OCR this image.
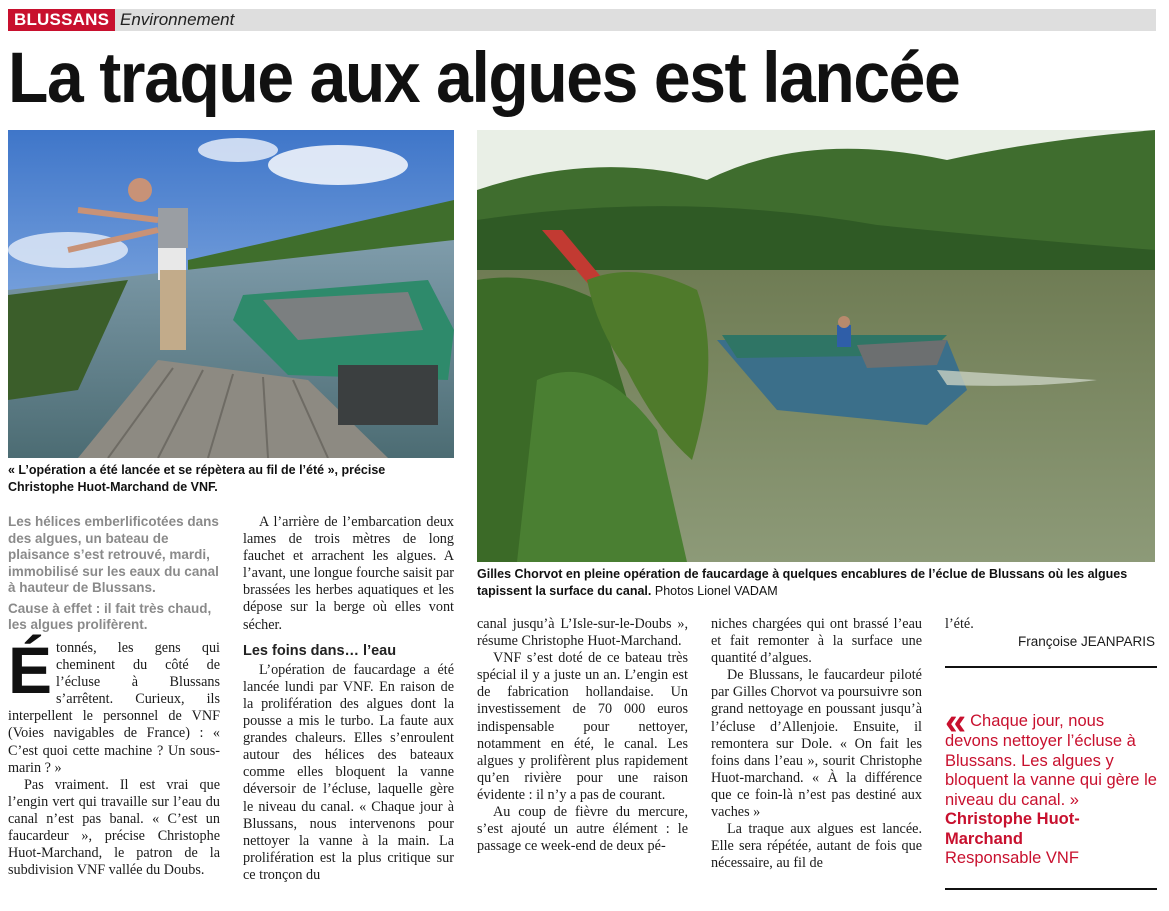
BLUSSANS Environnement
La traque aux algues est lancée
« L’opération a été lancée et se répètera au fil de l’été », précise Christophe Huot-Marchand de VNF.
Gilles Chorvot en pleine opération de faucardage à quelques encablures de l’éclue de Blussans où les algues tapissent la surface du canal. Photos Lionel VADAM

Les hélices emberlificotées dans des algues, un bateau de plaisance s’est retrouvé, mardi, immobilisé sur les eaux du canal à hauteur de Blussans.

Cause à effet : il fait très chaud, les algues prolifèrent.

Étonnés, les gens qui cheminent du côté de l’écluse à Blussans s’arrêtent. Curieux, ils interpellent le personnel de VNF (Voies navigables de France) : « C’est quoi cette machine ? Un sous-marin ? »

Pas vraiment. Il est vrai que l’engin vert qui travaille sur l’eau du canal n’est pas banal. « C’est un faucardeur », précise Christophe Huot-Marchand, le patron de la subdivision VNF vallée du Doubs.

A l’arrière de l’embarcation deux lames de trois mètres de long fauchet et arrachent les algues. A l’avant, une longue fourche saisit par brassées les herbes aquatiques et les dépose sur la berge où elles vont sécher.

Les foins dans… l’eau

L’opération de faucardage a été lancée lundi par VNF. En raison de la prolifération des algues dont la pousse a mis le turbo. La faute aux grandes chaleurs. Elles s’enroulent autour des hélices des bateaux comme elles bloquent la vanne déversoir de l’écluse, laquelle gère le niveau du canal. « Chaque jour à Blussans, nous intervenons pour nettoyer la vanne à la main. La prolifération est la plus critique sur ce tronçon du

canal jusqu’à L’Isle-sur-le-Doubs », résume Christophe Huot-Marchand.

VNF s’est doté de ce bateau très spécial il y a juste un an. L’engin est de fabrication hollandaise. Un investissement de 70 000 euros indispensable pour nettoyer, notamment en été, le canal. Les algues y prolifèrent plus rapidement qu’en rivière pour une raison évidente : il n’y a pas de courant.

Au coup de fièvre du mercure, s’est ajouté un autre élément : le passage ce week-end de deux pé-

niches chargées qui ont brassé l’eau et fait remonter à la surface une quantité d’algues.

De Blussans, le faucardeur piloté par Gilles Chorvot va poursuivre son grand nettoyage en poussant jusqu’à l’écluse d’Allenjoie. Ensuite, il remontera sur Dole. « On fait les foins dans l’eau », sourit Christophe Huot-marchand. « À la différence que ce foin-là n’est pas destiné aux vaches »

La traque aux algues est lancée. Elle sera répétée, autant de fois que nécessaire, au fil de

l’été.

Françoise JEANPARIS
« Chaque jour, nous devons nettoyer l’écluse à Blussans. Les algues y bloquent la vanne qui gère le niveau du canal. »
Christophe Huot-Marchand
Responsable VNF
